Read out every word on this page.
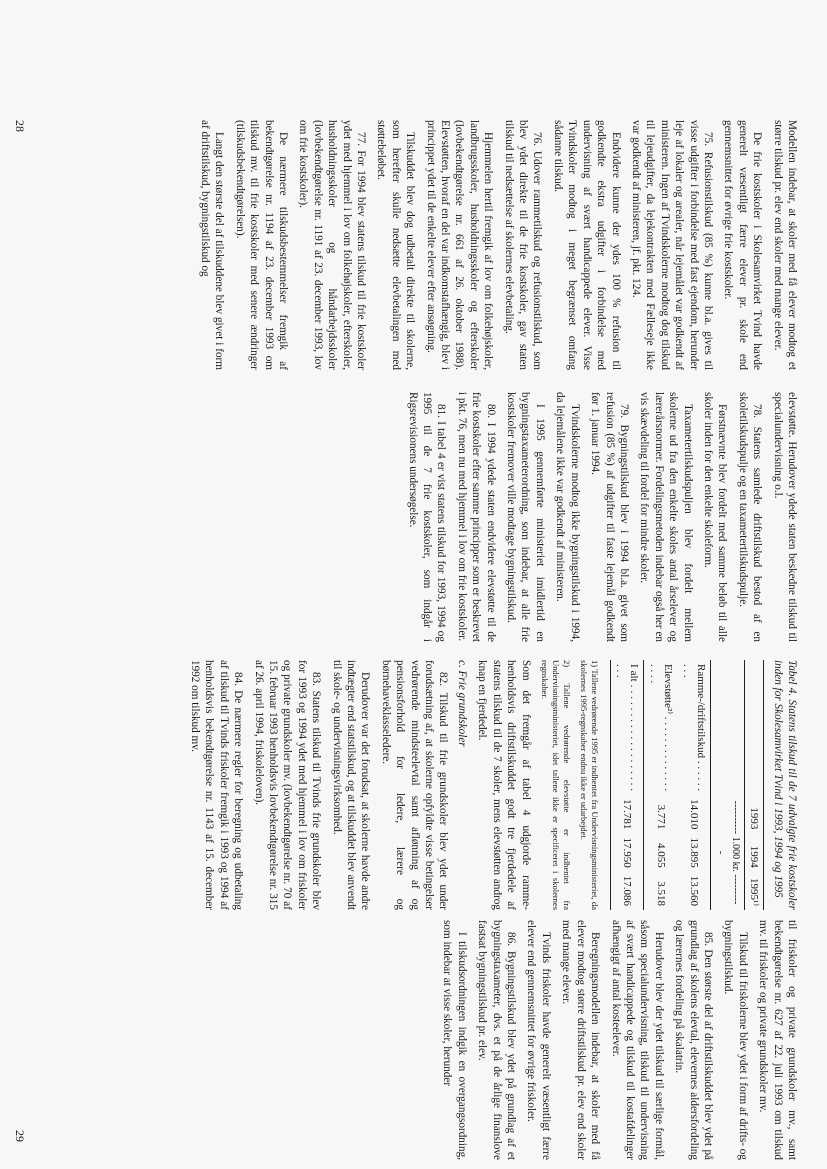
28
29

Modellen indebar, at skoler med få elever modtog et større tilskud pr. elev end skoler med mange elever.

De frie kostskoler i Skolesamvirket Tvind havde generelt væsentligt færre elever pr. skole end gennemsnittet for øvrige frie kostskoler.

75. Refusionstilskud (85 %) kunne bl.a. gives til visse udgifter i forbindelse med fast ejendom, herunder leje af lokaler og arealer, når lejemålet var godkendt af ministeren. Ingen af Tvindskolerne modtog dog tilskud til lejeudgifter, da lejekontrakten med Fælleseje ikke var godkendt af ministeren, jf. pkt. 124.

Endvidere kunne der ydes 100 % refusion til godkendte ekstra udgifter i forbindelse med undervisning af svært handicappede elever. Visse Tvindskoler modtog i meget begrænset omfang sådanne tilskud.

76. Udover rammetilskud og refusionstilskud, som blev ydet direkte til de frie kostskoler, gav staten tilskud til nedsættelse af skolernes elevbetaling.

Hjemmelen hertil fremgik af lov om folkehøjskoler, landbrugsskoler, husholdningsskoler og efterskoler (lovbekendtgørelse nr. 661 af 26. oktober 1988). Elevstøtten, hvoraf en del var indkomstafhængig, blev i princippet ydet til de enkelte elever efter ansøgning.

Tilskuddet blev dog udbetalt direkte til skolerne, som herefter skulle nedsætte elevbetalingen med støttebeløbet.

77. For 1994 blev statens tilskud til frie kostskoler ydet med hjemmel i lov om folkehøjskoler, efterskoler, husholdningsskoler og håndarbejdsskoler (lovbekendtgørelse nr. 1191 af 23. december 1993, lov om frie kostskoler).

De nærmere tilskudsbestemmelser fremgik af bekendtgørelse nr. 1194 af 23. december 1993 om tilskud mv. til frie kostskoler med senere ændringer (tilskudsbekendtgørelsen).

Langt den største del af tilskuddene blev givet i form af driftstilskud, bygningstilskud og

elevstøtte. Herudover ydede staten beskedne tilskud til specialundervisning o.l.

78. Statens samlede driftstilskud bestod af en skoletilskudspulje og en taxametertilskudspulje.

Førstnævnte blev fordelt med samme beløb til alle skoler inden for den enkelte skoleform.

Taxametertilskudspuljen blev fordelt mellem skolerne ud fra den enkelte skoles antal årselever og lærerårsnormer. Fordelingsmetoden indebar også her en vis skævdeling til fordel for mindre skoler.

79. Bygningstilskud blev i 1994 bl.a. givet som refusion (85 %) af udgifter til faste lejemål godkendt før 1. januar 1994.

Tvindskolerne modtog ikke bygningstilskud i 1994, da lejemålene ikke var godkendt af ministeren.

I 1995 gennemførte ministeriet imidlertid en bygningstaxameterordning, som indebar, at alle frie kostskoler fremover ville modtage bygningstilskud.

80. I 1994 ydede staten endvidere elevstøtte til de frie kostskoler efter samme principper som er beskrevet i pkt. 76, men nu med hjemmel i lov om frie kostskoler.

81. I tabel 4 er vist statens tilskud for 1993, 1994 og 1995 til de 7 frie kostskoler, som indgår i Rigsrevisionens undersøgelse.

Tabel 4. Statens tilskud til de 7 udvalgte frie kostskoler inden for Skolesamvirket Tvind i 1993, 1994 og 1995
	1993	1994	1995¹⁾
	---------- 1.000 kr. ----------		
Ramme-/driftstilskud . . . . . . . . .	14.010	13.895	13.560
Elevstøtte²⁾ . . . . . . . . . . . . . . . . . .	3.771	4.055	3.518
I alt . . . . . . . . . . . . . . . . . . . . . .	17.781	17.950	17.086

1) Tallene vedrørende 1995 er indhentet fra Undervisningsministeriet, da skolernes 1995-regnskaber endnu ikke er udarbejdet.

2) Tallene vedrørende elevstøtte er indhentet fra Undervisningsministeriet, idet tallene ikke er specificeret i skolernes regnskaber.

Som det fremgår af tabel 4 udgjorde ramme- henholdsvis driftstilskuddet godt tre fjerdedele af statens tilskud til de 7 skoler, mens elevstøtten androg knap en fjerdedel.

c. Frie grundskoler

82. Tilskud til frie grundskoler blev ydet under forudsætning af, at skolerne opfyldte visse betingelser vedrørende mindsteelevtal samt aflønning af og pensionsforhold for ledere, lærere og børnehaveklasseledere.

Derudover var det forudsat, at skolerne havde andre indtægter end statstilskud, og at tilskuddet blev anvendt til skole- og undervisningsvirksomhed.

83. Statens tilskud til Tvinds frie grundskoler blev for 1993 og 1994 ydet med hjemmel i lov om friskoler og private grundskoler mv. (lovbekendtgørelse nr. 70 af 15. februar 1993 henholdsvis lovbekendtgørelse nr. 315 af 26. april 1994, friskoleloven).

84. De nærmere regler for beregning og udbetaling af tilskud til Tvinds friskoler fremgik i 1993 og 1994 af henholdsvis bekendtgørelse nr. 1143 af 15. december 1992 om tilskud mv.

til friskoler og private grundskoler mv., samt bekendtgørelse nr. 627 af 22. juli 1993 om tilskud mv. til friskoler og private grundskoler mv.

Tilskud til friskolerne blev ydet i form af drifts- og bygningstilskud.

85. Den største del af driftstilskuddet blev ydet på grundlag af skolens elevtal, elevernes aldersfordeling og lærernes fordeling på skalatrin.

Herudover blev der ydet tilskud til særlige formål, såsom specialundervisning, tilskud til undervisning af svært handicappede og tilskud til kostafdelinger afhængigt af antal kosteelever.

Beregningsmodellen indebar, at skoler med få elever modtog større driftstilskud pr. elev end skoler med mange elever.

Tvinds friskoler havde generelt væsentligt færre elever end gennemsnittet for øvrige friskoler.

86. Bygningstilskud blev ydet på grundlag af et bygningstaxameter, dvs. et på de årlige finanslove fastsat bygningstilskud pr. elev.

I tilskudsordningen indgik en overgangsordning, som indebar at visse skoler, herunder
